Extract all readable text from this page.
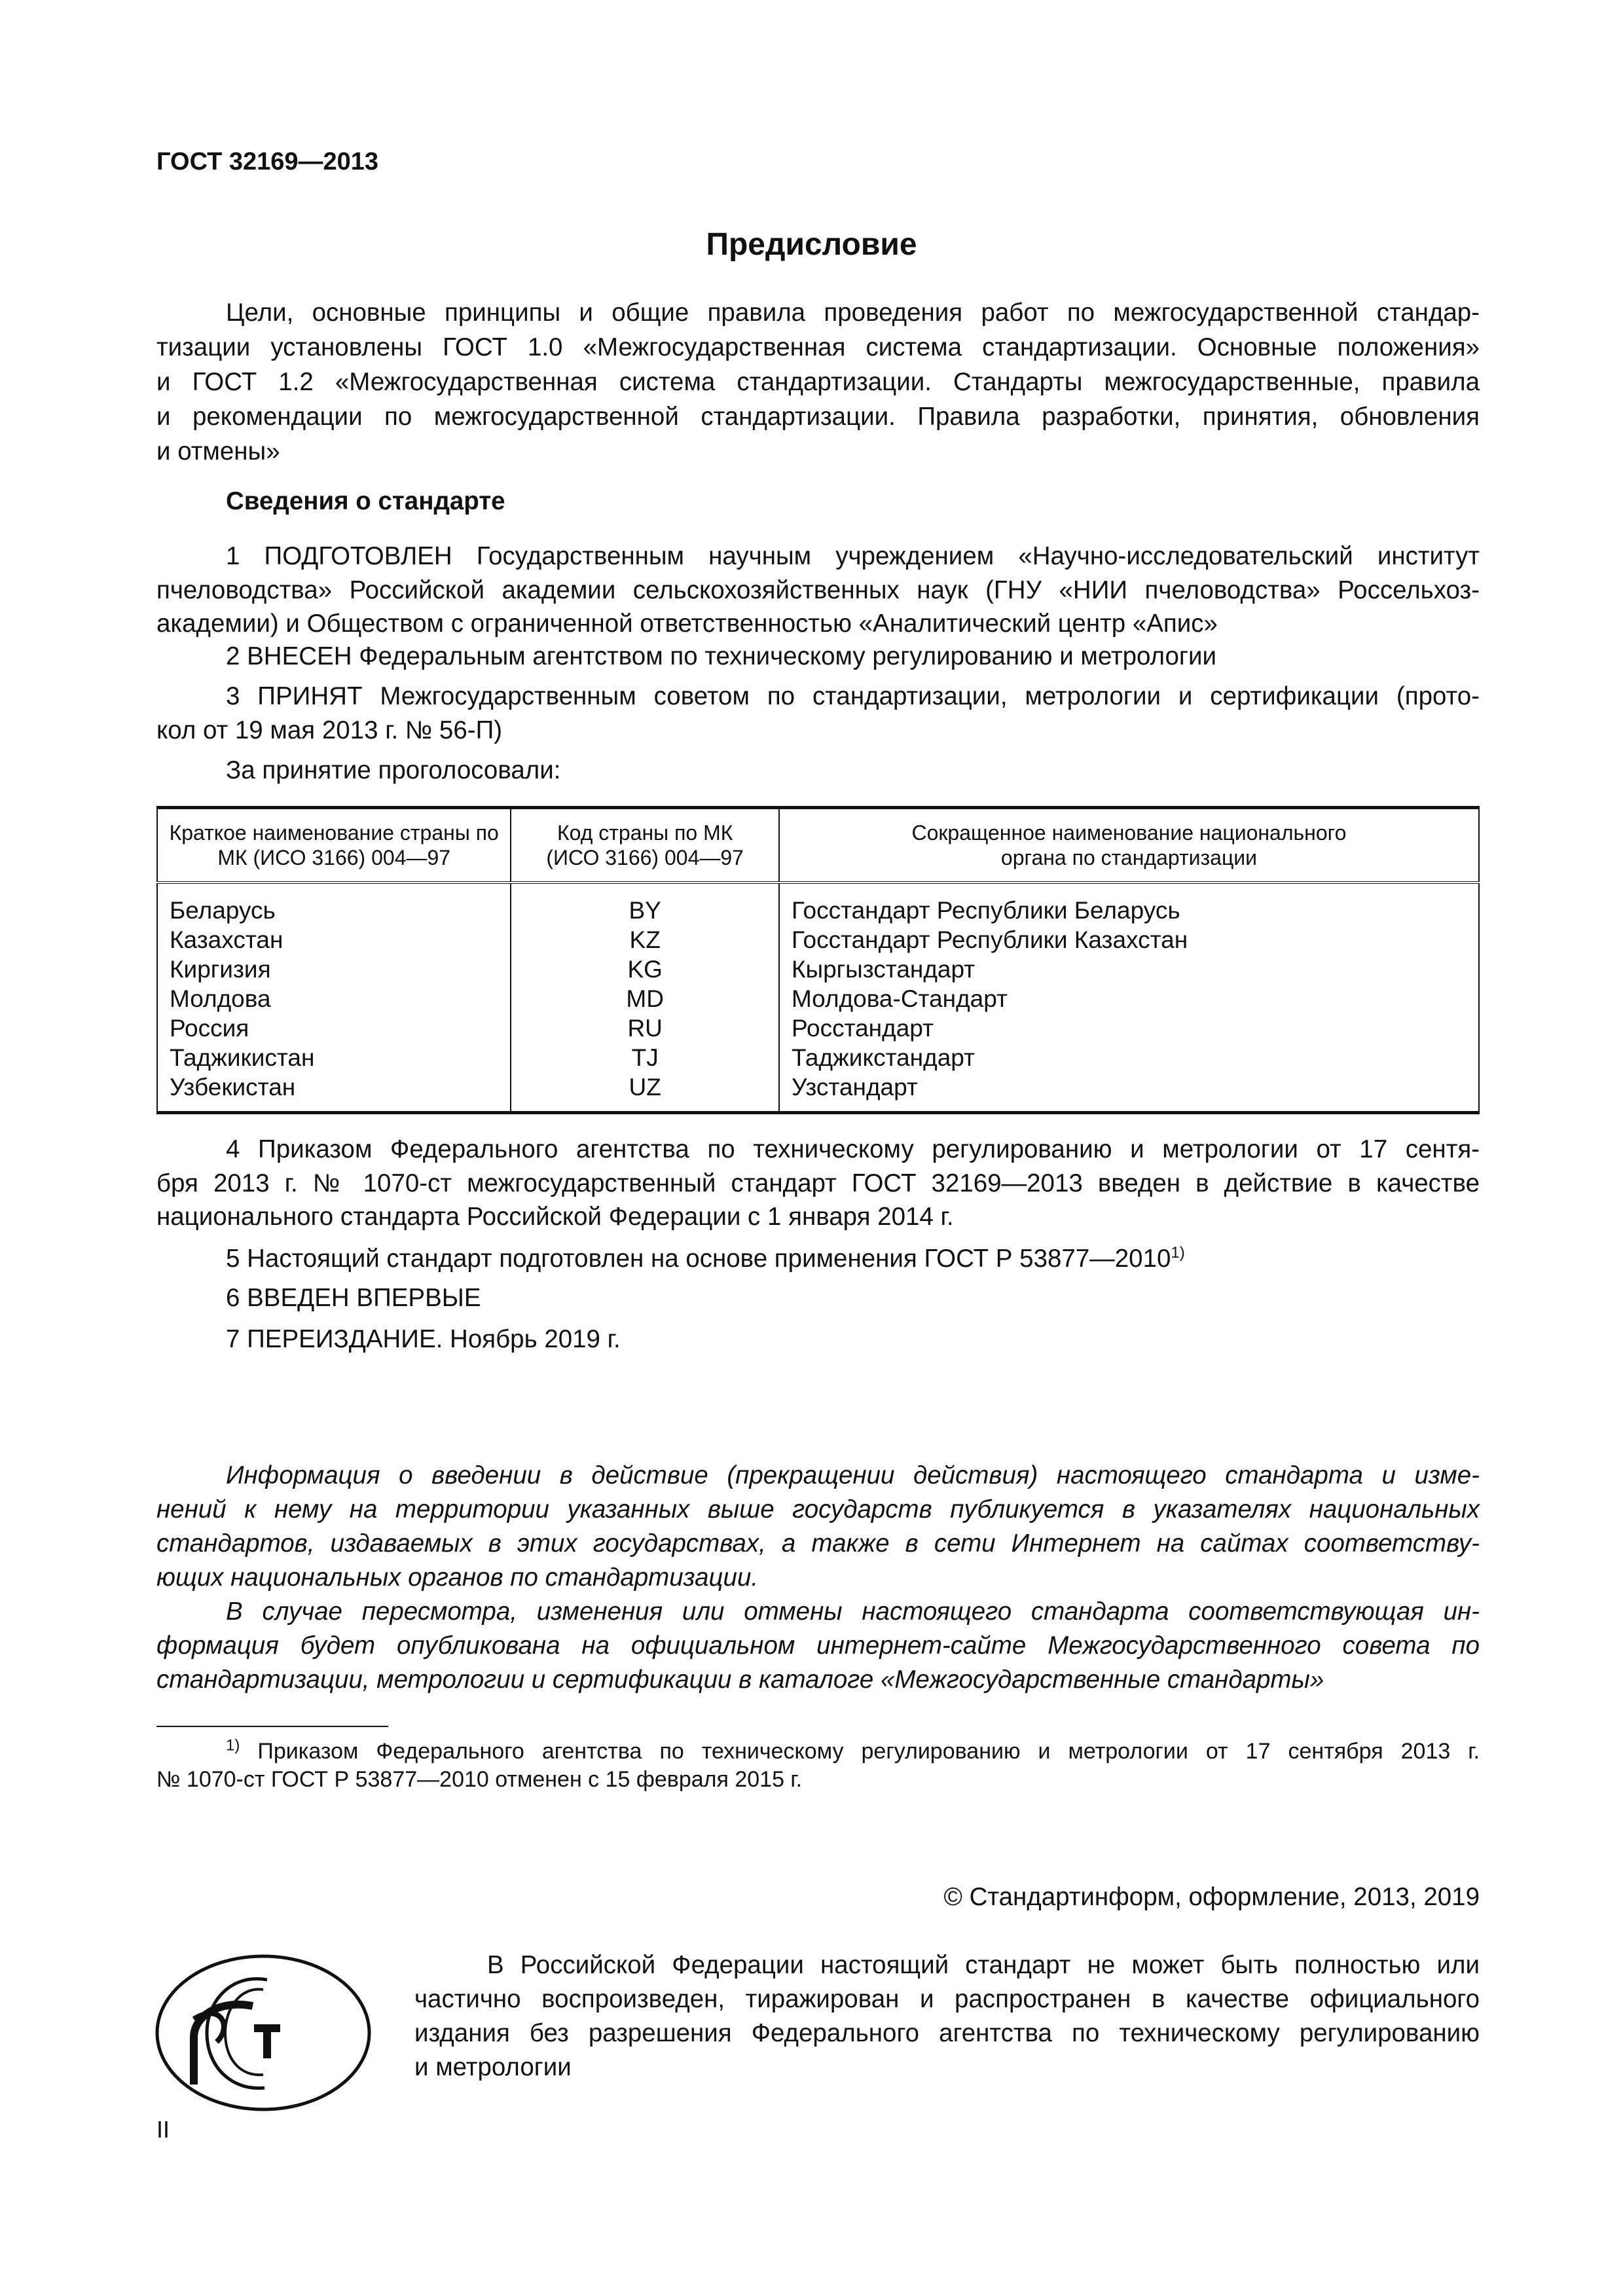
ГОСТ 32169—2013
Предисловие
Цели, основные принципы и общие правила проведения работ по межгосударственной стандар-
тизации установлены ГОСТ 1.0 «Межгосударственная система стандартизации. Основные положения»
и ГОСТ 1.2 «Межгосударственная система стандартизации. Стандарты межгосударственные, правила
и рекомендации по межгосударственной стандартизации. Правила разработки, принятия, обновления
и отмены»
Сведения о стандарте
1 ПОДГОТОВЛЕН Государственным научным учреждением «Научно-исследовательский институт
пчеловодства» Российской академии сельскохозяйственных наук (ГНУ «НИИ пчеловодства» Россельхоз-
академии) и Обществом с ограниченной ответственностью «Аналитический центр «Апис»
2 ВНЕСЕН Федеральным агентством по техническому регулированию и метрологии
3 ПРИНЯТ Межгосударственным советом по стандартизации, метрологии и сертификации (прото-
кол от 19 мая 2013 г. № 56-П)
За принятие проголосовали:
Краткое наименование страны по МК (ИСО 3166) 004—97	Код страны по МК (ИСО 3166) 004—97	Сокращенное наименование национального органа по стандартизации
Беларусь	BY	Госстандарт Республики Беларусь
Казахстан	KZ	Госстандарт Республики Казахстан
Киргизия	KG	Кыргызстандарт
Молдова	MD	Молдова-Стандарт
Россия	RU	Росстандарт
Таджикистан	TJ	Таджикстандарт
Узбекистан	UZ	Узстандарт
4 Приказом Федерального агентства по техническому регулированию и метрологии от 17 сентя-
бря 2013 г. № 1070-ст межгосударственный стандарт ГОСТ 32169—2013 введен в действие в качестве
национального стандарта Российской Федерации с 1 января 2014 г.
5 Настоящий стандарт подготовлен на основе применения ГОСТ Р 53877—2010$^{1)}$
6 ВВЕДЕН ВПЕРВЫЕ
7 ПЕРЕИЗДАНИЕ. Ноябрь 2019 г.
Информация о введении в действие (прекращении действия) настоящего стандарта и изме-
нений к нему на территории указанных выше государств публикуется в указателях национальных
стандартов, издаваемых в этих государствах, а также в сети Интернет на сайтах соответству-
ющих национальных органов по стандартизации.
В случае пересмотра, изменения или отмены настоящего стандарта соответствующая ин-
формация будет опубликована на официальном интернет-сайте Межгосударственного совета по
стандартизации, метрологии и сертификации в каталоге «Межгосударственные стандарты»
$^{1)}$ Приказом Федерального агентства по техническому регулированию и метрологии от 17 сентября 2013 г.
№ 1070-ст ГОСТ Р 53877—2010 отменен с 15 февраля 2015 г.
© Стандартинформ, оформление, 2013, 2019
В Российской Федерации настоящий стандарт не может быть полностью или
частично воспроизведен, тиражирован и распространен в качестве официального
издания без разрешения Федерального агентства по техническому регулированию
и метрологии
II
